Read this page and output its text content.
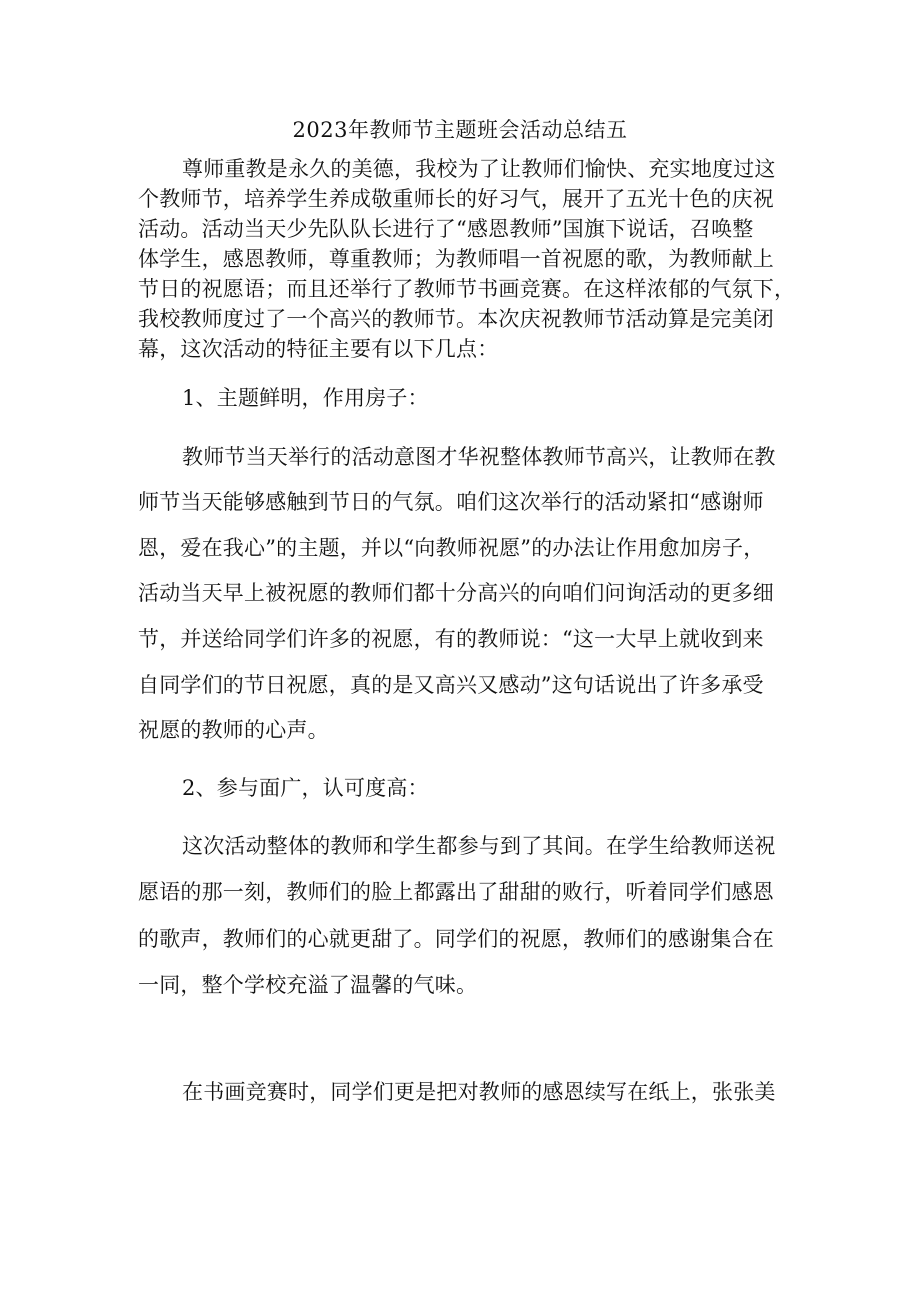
2023年教师节主题班会活动总结五
尊师重教是永久的美德，我校为了让教师们愉快、充实地度过这
个教师节，培养学生养成敬重师长的好习气，展开了五光十色的庆祝
活动。活动当天少先队队长进行了“感恩教师”国旗下说话，召唤整
体学生，感恩教师，尊重教师；为教师唱一首祝愿的歌，为教师献上
节日的祝愿语；而且还举行了教师节书画竞赛。在这样浓郁的气氛下，
我校教师度过了一个高兴的教师节。本次庆祝教师节活动算是完美闭
幕，这次活动的特征主要有以下几点：
1、主题鲜明，作用房子：
教师节当天举行的活动意图才华祝整体教师节高兴，让教师在教
师节当天能够感触到节日的气氛。咱们这次举行的活动紧扣“感谢师
恩，爱在我心”的主题，并以“向教师祝愿”的办法让作用愈加房子，
活动当天早上被祝愿的教师们都十分高兴的向咱们问询活动的更多细
节，并送给同学们许多的祝愿，有的教师说：“这一大早上就收到来
自同学们的节日祝愿，真的是又高兴又感动”这句话说出了许多承受
祝愿的教师的心声。
2、参与面广，认可度高：
这次活动整体的教师和学生都参与到了其间。在学生给教师送祝
愿语的那一刻，教师们的脸上都露出了甜甜的败行，听着同学们感恩
的歌声，教师们的心就更甜了。同学们的祝愿，教师们的感谢集合在
一同，整个学校充溢了温馨的气味。
在书画竞赛时，同学们更是把对教师的感恩续写在纸上，张张美
